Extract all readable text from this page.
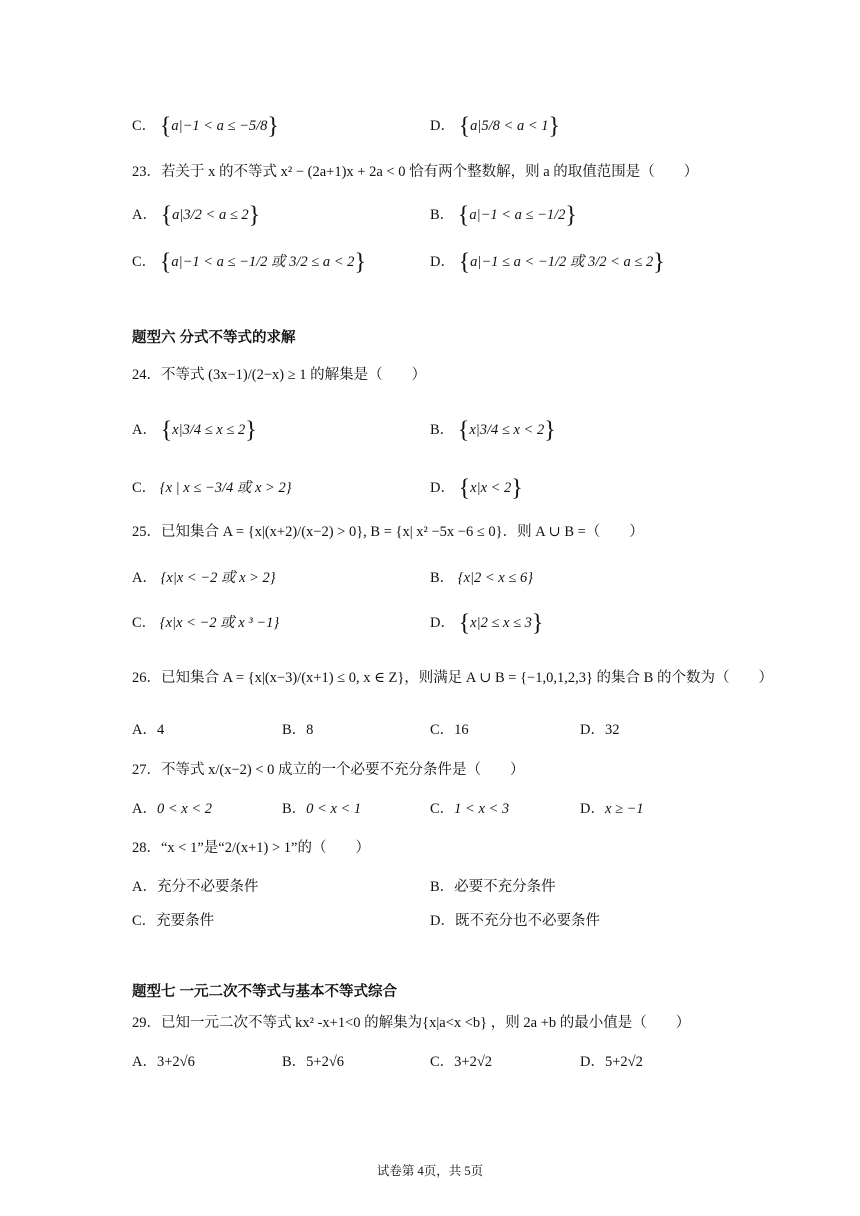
C． {a|−1 < a ≤ −5/8}	D． {a|5/8 < a < 1}
23．若关于 x 的不等式 x² − (2a+1)x + 2a < 0 恰有两个整数解，则 a 的取值范围是（　　）
A． {a|3/2 < a ≤ 2}	B． {a|−1 < a ≤ −1/2}
C． {a|−1 < a ≤ −1/2 或 3/2 ≤ a < 2}	D． {a|−1 ≤ a < −1/2 或 3/2 < a ≤ 2}
题型六 分式不等式的求解
24．不等式 (3x−1)/(2−x) ≥ 1 的解集是（　　）
A． {x|3/4 ≤ x ≤ 2}	B． {x|3/4 ≤ x < 2}
C． {x | x ≤ −3/4 或 x > 2}	D． {x|x < 2}
25．已知集合 A = {x|(x+2)/(x−2) > 0}, B = {x| x² −5x −6 ≤ 0}．则 A ∪ B =（　　）
A． {x|x < −2 或 x > 2}	B． {x|2 < x ≤ 6}
C． {x|x < −2 或 x ³ −1}	D． {x|2 ≤ x ≤ 3}
26．已知集合 A = {x|(x−3)/(x+1) ≤ 0, x ∈ Z}，则满足 A ∪ B = {−1,0,1,2,3} 的集合 B 的个数为（　　）
A．4	B．8	C．16	D．32
27．不等式 x/(x−2) < 0 成立的一个必要不充分条件是（　　）
A．0 < x < 2	B．0 < x < 1	C．1 < x < 3	D．x ≥ −1
28．“x < 1”是“2/(x+1) > 1”的（　　）
A．充分不必要条件	B．必要不充分条件
C．充要条件	D．既不充分也不必要条件
题型七 一元二次不等式与基本不等式综合
29．已知一元二次不等式 kx² -x+1<0 的解集为{x|a<x <b} ，则 2a +b 的最小值是（　　）
A．3+2√6	B．5+2√6	C．3+2√2	D．5+2√2
试卷第 4页，共 5页
